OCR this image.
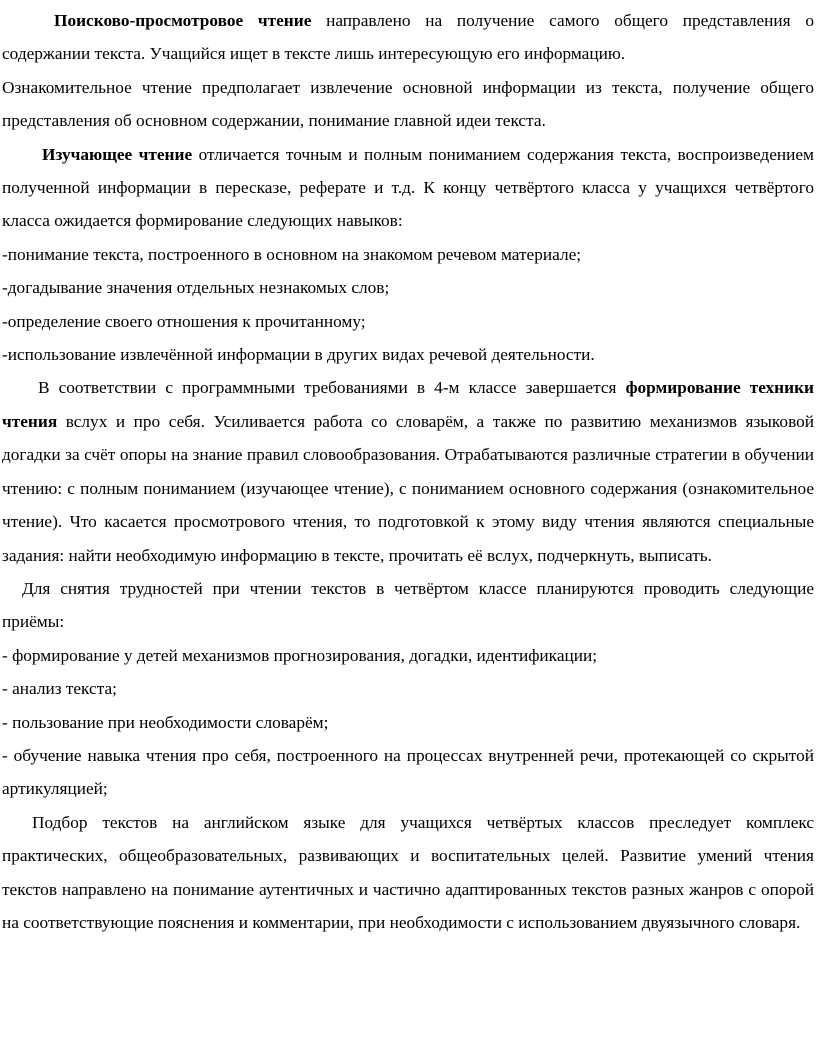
Поисково-просмотровое чтение направлено на получение самого общего представления о содержании текста. Учащийся ищет в тексте лишь интересующую его информацию.

Ознакомительное чтение предполагает извлечение основной информации из текста, получение общего представления об основном содержании, понимание главной идеи текста.

Изучающее чтение отличается точным и полным пониманием содержания текста, воспроизведением полученной информации в пересказе, реферате и т.д. К концу четвёртого класса у учащихся четвёртого класса ожидается формирование следующих навыков:

-понимание текста, построенного в основном на знакомом речевом материале;
-догадывание значения отдельных незнакомых слов;
-определение своего отношения к прочитанному;
-использование извлечённой информации в других видах речевой деятельности.

В соответствии с программными требованиями в 4-м классе завершается формирование техники чтения вслух и про себя. Усиливается работа со словарём, а также по развитию механизмов языковой догадки за счёт опоры на знание правил словообразования. Отрабатываются различные стратегии в обучении чтению: с полным пониманием (изучающее чтение), с пониманием основного содержания (ознакомительное чтение). Что касается просмотрового чтения, то подготовкой к этому виду чтения являются специальные задания: найти необходимую информацию в тексте, прочитать её вслух, подчеркнуть, выписать.

Для снятия трудностей при чтении текстов в четвёртом классе планируются проводить следующие приёмы:

- формирование у детей механизмов прогнозирования, догадки, идентификации;
- анализ текста;
- пользование при необходимости словарём;

- обучение навыка чтения про себя, построенного на процессах внутренней речи, протекающей со скрытой артикуляцией;

Подбор текстов на английском языке для учащихся четвёртых классов преследует комплекс практических, общеобразовательных, развивающих и воспитательных целей. Развитие умений чтения текстов направлено на понимание аутентичных и частично адаптированных текстов разных жанров с опорой на соответствующие пояснения и комментарии, при необходимости с использованием двуязычного словаря.
